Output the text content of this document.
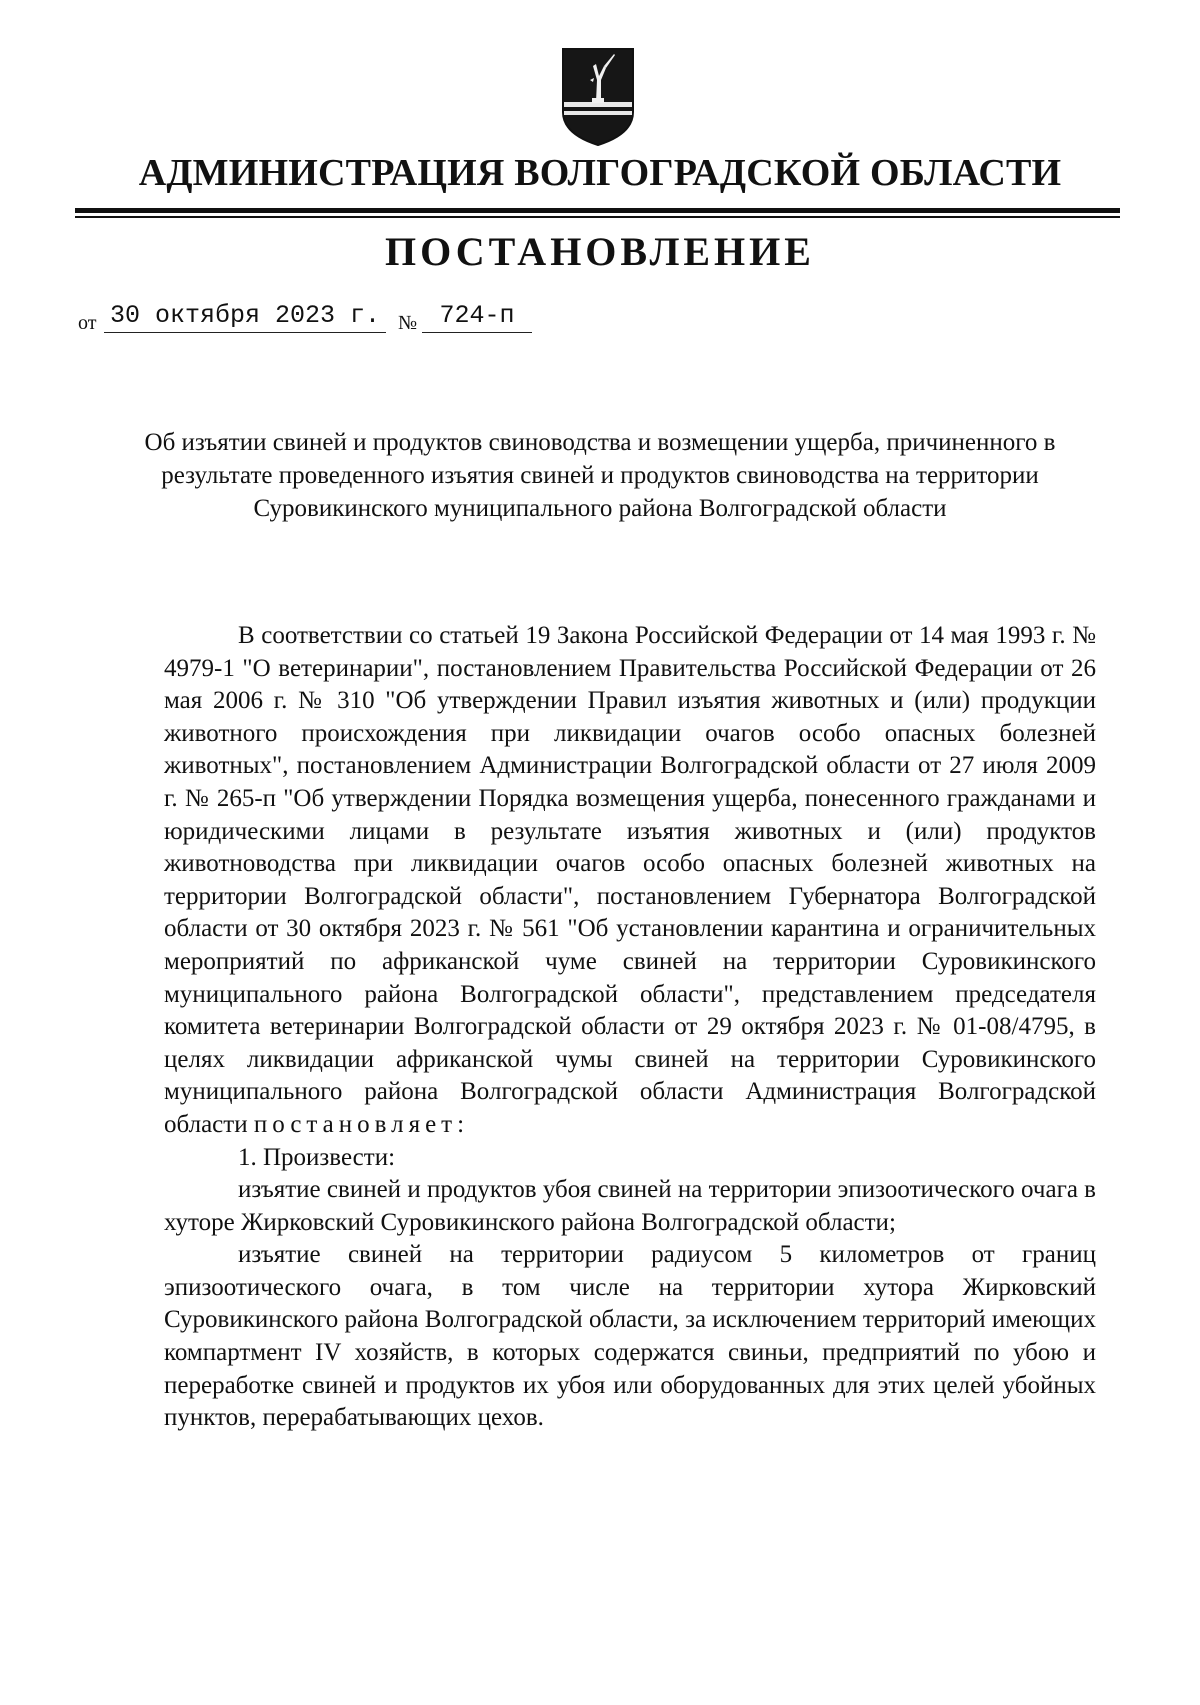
АДМИНИСТРАЦИЯ ВОЛГОГРАДСКОЙ ОБЛАСТИ
ПОСТАНОВЛЕНИЕ
от 30 октября 2023 г. № 724-п
Об изъятии свиней и продуктов свиноводства и возмещении ущерба, причиненного в результате проведенного изъятия свиней и продуктов свиноводства на территории Суровикинского муниципального района Волгоградской области

В соответствии со статьей 19 Закона Российской Федерации от 14 мая 1993 г. № 4979-1 "О ветеринарии", постановлением Правительства Российской Федерации от 26 мая 2006 г. № 310 "Об утверждении Правил изъятия животных и (или) продукции животного происхождения при ликвидации очагов особо опасных болезней животных", постановлением Администрации Волгоградской области от 27 июля 2009 г. № 265-п "Об утверждении Порядка возмещения ущерба, понесенного гражданами и юридическими лицами в результате изъятия животных и (или) продуктов животноводства при ликвидации очагов особо опасных болезней животных на территории Волгоградской области", постановлением Губернатора Волгоградской области от 30 октября 2023 г. № 561 "Об установлении карантина и ограничительных мероприятий по африканской чуме свиней на территории Суровикинского муниципального района Волгоградской области", представлением председателя комитета ветеринарии Волгоградской области от 29 октября 2023 г. № 01-08/4795, в целях ликвидации африканской чумы свиней на территории Суровикинского муниципального района Волгоградской области Администрация Волгоградской области постановляет:

1. Произвести:

изъятие свиней и продуктов убоя свиней на территории эпизоотического очага в хуторе Жирковский Суровикинского района Волгоградской области;

изъятие свиней на территории радиусом 5 километров от границ эпизоотического очага, в том числе на территории хутора Жирковский Суровикинского района Волгоградской области, за исключением территорий имеющих компартмент IV хозяйств, в которых содержатся свиньи, предприятий по убою и переработке свиней и продуктов их убоя или оборудованных для этих целей убойных пунктов, перерабатывающих цехов.
